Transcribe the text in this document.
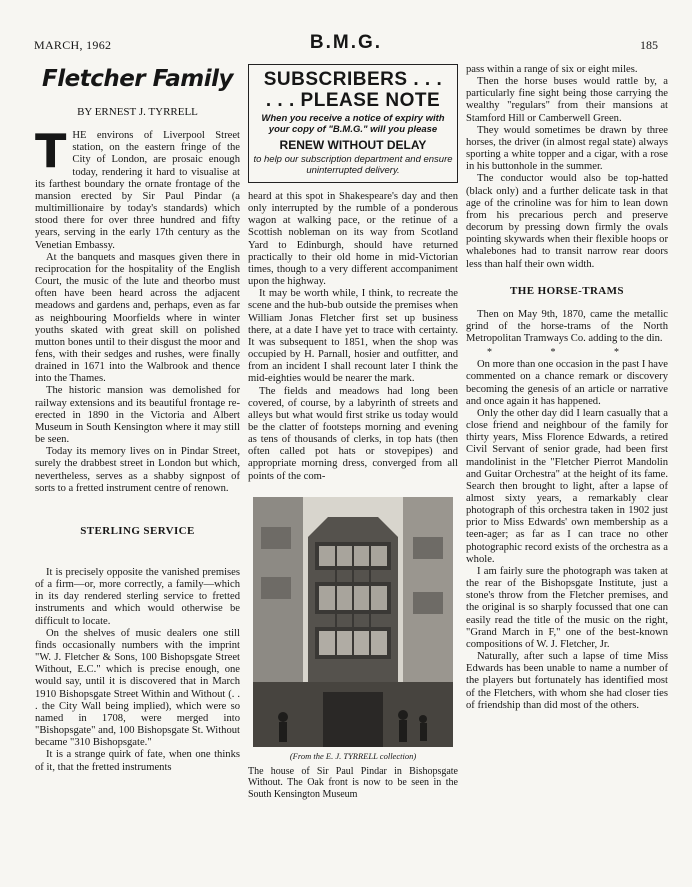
MARCH, 1962	B.M.G.	185
Fletcher Family
BY ERNEST J. TYRRELL

THE environs of Liverpool Street station, on the eastern fringe of the City of London, are prosaic enough today, rendering it hard to visualise at its farthest boundary the ornate frontage of the mansion erected by Sir Paul Pindar (a multimillionaire by today's standards) which stood there for over three hundred and fifty years, serving in the early 17th century as the Venetian Embassy.

At the banquets and masques given there in reciprocation for the hospitality of the English Court, the music of the lute and theorbo must often have been heard across the adjacent meadows and gardens and, perhaps, even as far as neighbouring Moorfields where in winter youths skated with great skill on polished mutton bones until to their disgust the moor and fens, with their sedges and rushes, were finally drained in 1671 into the Walbrook and thence into the Thames.

The historic mansion was demolished for railway extensions and its beautiful frontage re-erected in 1890 in the Victoria and Albert Museum in South Kensington where it may still be seen.

Today its memory lives on in Pindar Street, surely the drabbest street in London but which, nevertheless, serves as a shabby signpost of sorts to a fretted instrument centre of renown.

STERLING SERVICE

It is precisely opposite the vanished premises of a firm—or, more correctly, a family—which in its day rendered sterling service to fretted instruments and which would otherwise be difficult to locate.

On the shelves of music dealers one still finds occasionally numbers with the imprint "W. J. Fletcher & Sons, 100 Bishopsgate Street Without, E.C." which is precise enough, one would say, until it is discovered that in March 1910 Bishopsgate Street Within and Without (. . . the City Wall being implied), which were so named in 1708, were merged into "Bishopsgate" and, 100 Bishopsgate St. Without became "310 Bishopsgate."

It is a strange quirk of fate, when one thinks of it, that the fretted instruments

SUBSCRIBERS . . .
. . . PLEASE NOTE
When you receive a notice of expiry with your copy of "B.M.G." will you please
RENEW WITHOUT DELAY
to help our subscription department and ensure uninterrupted delivery.

heard at this spot in Shakespeare's day and then only interrupted by the rumble of a ponderous wagon at walking pace, or the retinue of a Scottish nobleman on its way from Scotland Yard to Edinburgh, should have returned practically to their old home in mid-Victorian times, though to a very different accompaniment upon the highway.

It may be worth while, I think, to recreate the scene and the hub-bub outside the premises when William Jonas Fletcher first set up business there, at a date I have yet to trace with certainty. It was subsequent to 1851, when the shop was occupied by H. Parnall, hosier and outfitter, and from an incident I shall recount later I think the mid-eighties would be nearer the mark.

The fields and meadows had long been covered, of course, by a labyrinth of streets and alleys but what would first strike us today would be the clatter of footsteps morning and evening as tens of thousands of clerks, in top hats (then often called pot hats or stovepipes) and appropriate morning dress, converged from all points of the com-

(From the E. J. TYRRELL collection)
The house of Sir Paul Pindar in Bishopsgate Without. The Oak front is now to be seen in the South Kensington Museum

pass within a range of six or eight miles.

Then the horse buses would rattle by, a particularly fine sight being those carrying the wealthy "regulars" from their mansions at Stamford Hill or Camberwell Green.

They would sometimes be drawn by three horses, the driver (in almost regal state) always sporting a white topper and a cigar, with a rose in his buttonhole in the summer.

The conductor would also be top-hatted (black only) and a further delicate task in that age of the crinoline was for him to lean down from his precarious perch and preserve decorum by pressing down firmly the ovals pointing skywards when their flexible hoops or whalebones had to transit narrow rear doors less than half their own width.

THE HORSE-TRAMS

Then on May 9th, 1870, came the metallic grind of the horse-trams of the North Metropolitan Tramways Co. adding to the din.

* * *

On more than one occasion in the past I have commented on a chance remark or discovery becoming the genesis of an article or narrative and once again it has happened.

Only the other day did I learn casually that a close friend and neighbour of the family for thirty years, Miss Florence Edwards, a retired Civil Servant of senior grade, had been first mandolinist in the "Fletcher Pierrot Mandolin and Guitar Orchestra" at the height of its fame. Search then brought to light, after a lapse of almost sixty years, a remarkably clear photograph of this orchestra taken in 1902 just prior to Miss Edwards' own membership as a teen-ager; as far as I can trace no other photographic record exists of the orchestra as a whole.

I am fairly sure the photograph was taken at the rear of the Bishopsgate Institute, just a stone's throw from the Fletcher premises, and the original is so sharply focussed that one can easily read the title of the music on the right, "Grand March in F," one of the best-known compositions of W. J. Fletcher, Jr.

Naturally, after such a lapse of time Miss Edwards has been unable to name a number of the players but fortunately has identified most of the Fletchers, with whom she had closer ties of friendship than did most of the others.
